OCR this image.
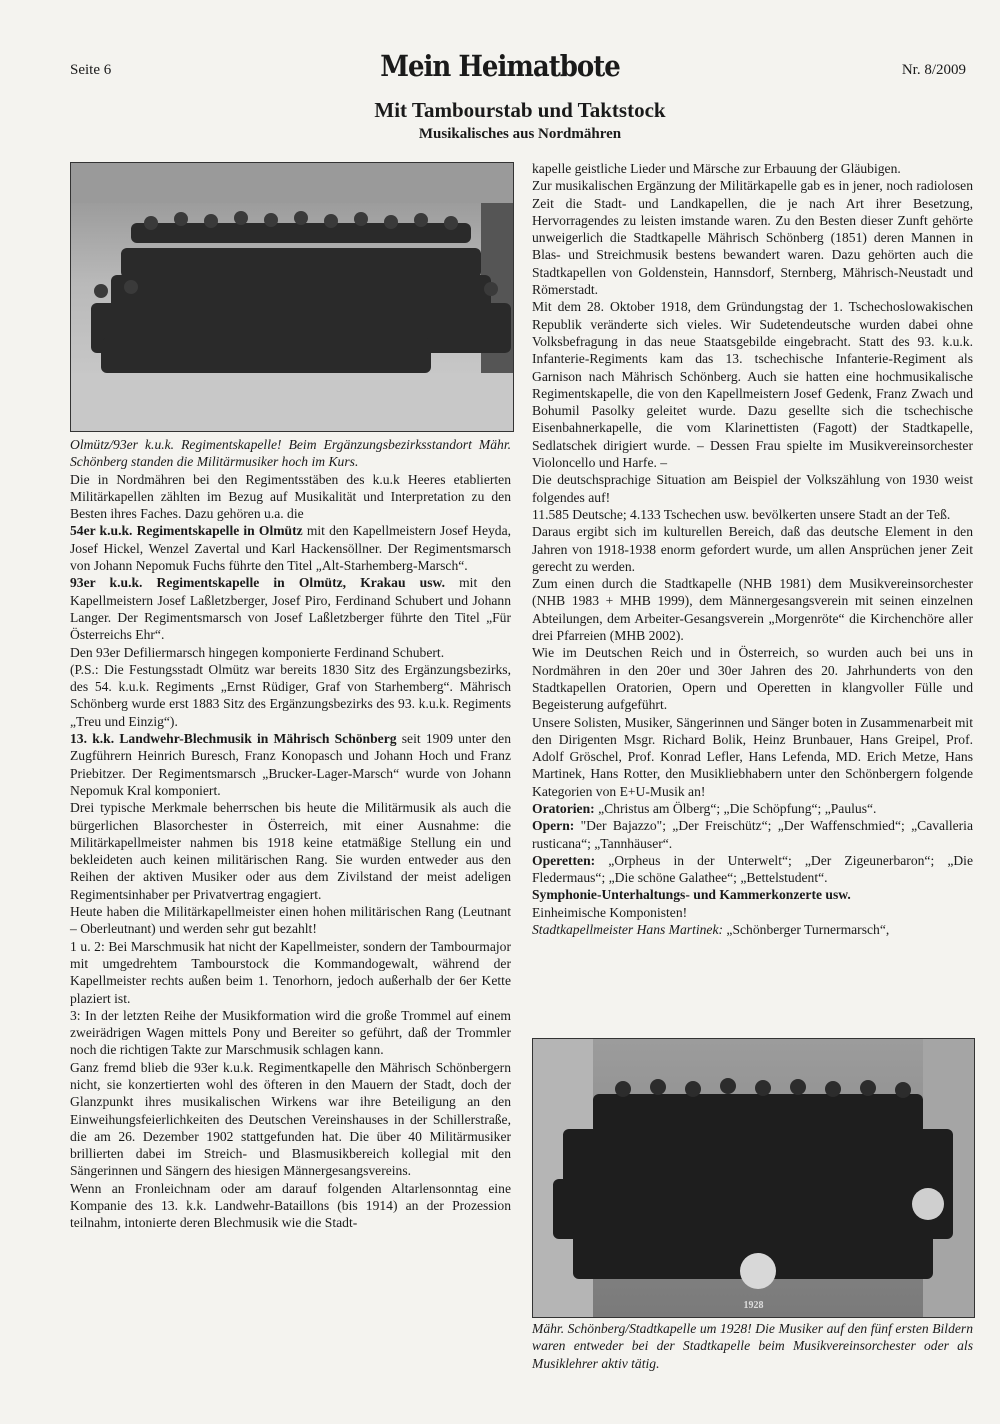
Seite 6	Mein Heimatbote	Nr. 8/2009
Mit Tambourstab und Taktstock
Musikalisches aus Nordmähren

Olmütz/93er k.u.k. Regimentskapelle! Beim Ergänzungsbezirksstandort Mähr. Schönberg standen die Militärmusiker hoch im Kurs.

Die in Nordmähren bei den Regimentsstäben des k.u.k Heeres etablierten Militärkapellen zählten im Bezug auf Musikalität und Interpretation zu den Besten ihres Faches. Dazu gehören u.a. die

54er k.u.k. Regimentskapelle in Olmütz mit den Kapellmeistern Josef Heyda, Josef Hickel, Wenzel Zavertal und Karl Hackensöllner. Der Regimentsmarsch von Johann Nepomuk Fuchs führte den Titel „Alt-Starhemberg-Marsch“.

93er k.u.k. Regimentskapelle in Olmütz, Krakau usw. mit den Kapellmeistern Josef Laßletzberger, Josef Piro, Ferdinand Schubert und Johann Langer. Der Regimentsmarsch von Josef Laßletzberger führte den Titel „Für Österreichs Ehr“.

Den 93er Defiliermarsch hingegen komponierte Ferdinand Schubert.

(P.S.: Die Festungsstadt Olmütz war bereits 1830 Sitz des Ergänzungsbezirks, des 54. k.u.k. Regiments „Ernst Rüdiger, Graf von Starhemberg“. Mährisch Schönberg wurde erst 1883 Sitz des Ergänzungsbezirks des 93. k.u.k. Regiments „Treu und Einzig“).

13. k.k. Landwehr-Blechmusik in Mährisch Schönberg seit 1909 unter den Zugführern Heinrich Buresch, Franz Konopasch und Johann Hoch und Franz Priebitzer. Der Regimentsmarsch „Brucker-Lager-Marsch“ wurde von Johann Nepomuk Kral komponiert.

Drei typische Merkmale beherrschen bis heute die Militärmusik als auch die bürgerlichen Blasorchester in Österreich, mit einer Ausnahme: die Militärkapellmeister nahmen bis 1918 keine etatmäßige Stellung ein und bekleideten auch keinen militärischen Rang. Sie wurden entweder aus den Reihen der aktiven Musiker oder aus dem Zivilstand der meist adeligen Regimentsinhaber per Privatvertrag engagiert.

Heute haben die Militärkapellmeister einen hohen militärischen Rang (Leutnant – Oberleutnant) und werden sehr gut bezahlt!

1 u. 2: Bei Marschmusik hat nicht der Kapellmeister, sondern der Tambourmajor mit umgedrehtem Tambourstock die Kommandogewalt, während der Kapellmeister rechts außen beim 1. Tenorhorn, jedoch außerhalb der 6er Kette plaziert ist.

3: In der letzten Reihe der Musikformation wird die große Trommel auf einem zweirädrigen Wagen mittels Pony und Bereiter so geführt, daß der Trommler noch die richtigen Takte zur Marschmusik schlagen kann.

Ganz fremd blieb die 93er k.u.k. Regimentkapelle den Mährisch Schönbergern nicht, sie konzertierten wohl des öfteren in den Mauern der Stadt, doch der Glanzpunkt ihres musikalischen Wirkens war ihre Beteiligung an den Einweihungsfeierlichkeiten des Deutschen Vereinshauses in der Schillerstraße, die am 26. Dezember 1902 stattgefunden hat. Die über 40 Militärmusiker brillierten dabei im Streich- und Blasmusikbereich kollegial mit den Sängerinnen und Sängern des hiesigen Männergesangsvereins.

Wenn an Fronleichnam oder am darauf folgenden Altarlensonntag eine Kompanie des 13. k.k. Landwehr-Bataillons (bis 1914) an der Prozession teilnahm, intonierte deren Blechmusik wie die Stadt-

kapelle geistliche Lieder und Märsche zur Erbauung der Gläubigen.

Zur musikalischen Ergänzung der Militärkapelle gab es in jener, noch radiolosen Zeit die Stadt- und Landkapellen, die je nach Art ihrer Besetzung, Hervorragendes zu leisten imstande waren. Zu den Besten dieser Zunft gehörte unweigerlich die Stadtkapelle Mährisch Schönberg (1851) deren Mannen in Blas- und Streichmusik bestens bewandert waren. Dazu gehörten auch die Stadtkapellen von Goldenstein, Hannsdorf, Sternberg, Mährisch-Neustadt und Römerstadt.

Mit dem 28. Oktober 1918, dem Gründungstag der 1. Tschechoslowakischen Republik veränderte sich vieles. Wir Sudetendeutsche wurden dabei ohne Volksbefragung in das neue Staatsgebilde eingebracht. Statt des 93. k.u.k. Infanterie-Regiments kam das 13. tschechische Infanterie-Regiment als Garnison nach Mährisch Schönberg. Auch sie hatten eine hochmusikalische Regimentskapelle, die von den Kapellmeistern Josef Gedenk, Franz Zwach und Bohumil Pasolky geleitet wurde. Dazu gesellte sich die tschechische Eisenbahnerkapelle, die vom Klarinettisten (Fagott) der Stadtkapelle, Sedlatschek dirigiert wurde. – Dessen Frau spielte im Musikvereinsorchester Violoncello und Harfe. –

Die deutschsprachige Situation am Beispiel der Volkszählung von 1930 weist folgendes auf!

11.585 Deutsche; 4.133 Tschechen usw. bevölkerten unsere Stadt an der Teß.

Daraus ergibt sich im kulturellen Bereich, daß das deutsche Element in den Jahren von 1918-1938 enorm gefordert wurde, um allen Ansprüchen jener Zeit gerecht zu werden.

Zum einen durch die Stadtkapelle (NHB 1981) dem Musikvereinsorchester (NHB 1983 + MHB 1999), dem Männergesangsverein mit seinen einzelnen Abteilungen, dem Arbeiter-Gesangsverein „Morgenröte“ die Kirchenchöre aller drei Pfarreien (MHB 2002).

Wie im Deutschen Reich und in Österreich, so wurden auch bei uns in Nordmähren in den 20er und 30er Jahren des 20. Jahrhunderts von den Stadtkapellen Oratorien, Opern und Operetten in klangvoller Fülle und Begeisterung aufgeführt.

Unsere Solisten, Musiker, Sängerinnen und Sänger boten in Zusammenarbeit mit den Dirigenten Msgr. Richard Bolik, Heinz Brunbauer, Hans Greipel, Prof. Adolf Gröschel, Prof. Konrad Lefler, Hans Lefenda, MD. Erich Metze, Hans Martinek, Hans Rotter, den Musikliebhabern unter den Schönbergern folgende Kategorien von E+U-Musik an!

Oratorien: „Christus am Ölberg“; „Die Schöpfung“; „Paulus“.

Opern: "Der Bajazzo"; „Der Freischütz“; „Der Waffenschmied“; „Cavalleria rusticana“; „Tannhäuser“.

Operetten: „Orpheus in der Unterwelt“; „Der Zigeunerbaron“; „Die Fledermaus“; „Die schöne Galathee“; „Bettelstudent“.

Symphonie-Unterhaltungs- und Kammerkonzerte usw.

Einheimische Komponisten!

Stadtkapellmeister Hans Martinek: „Schönberger Turnermarsch“,

1928
Mähr. Schönberg/Stadtkapelle um 1928! Die Musiker auf den fünf ersten Bildern waren entweder bei der Stadtkapelle beim Musikvereinsorchester oder als Musiklehrer aktiv tätig.
